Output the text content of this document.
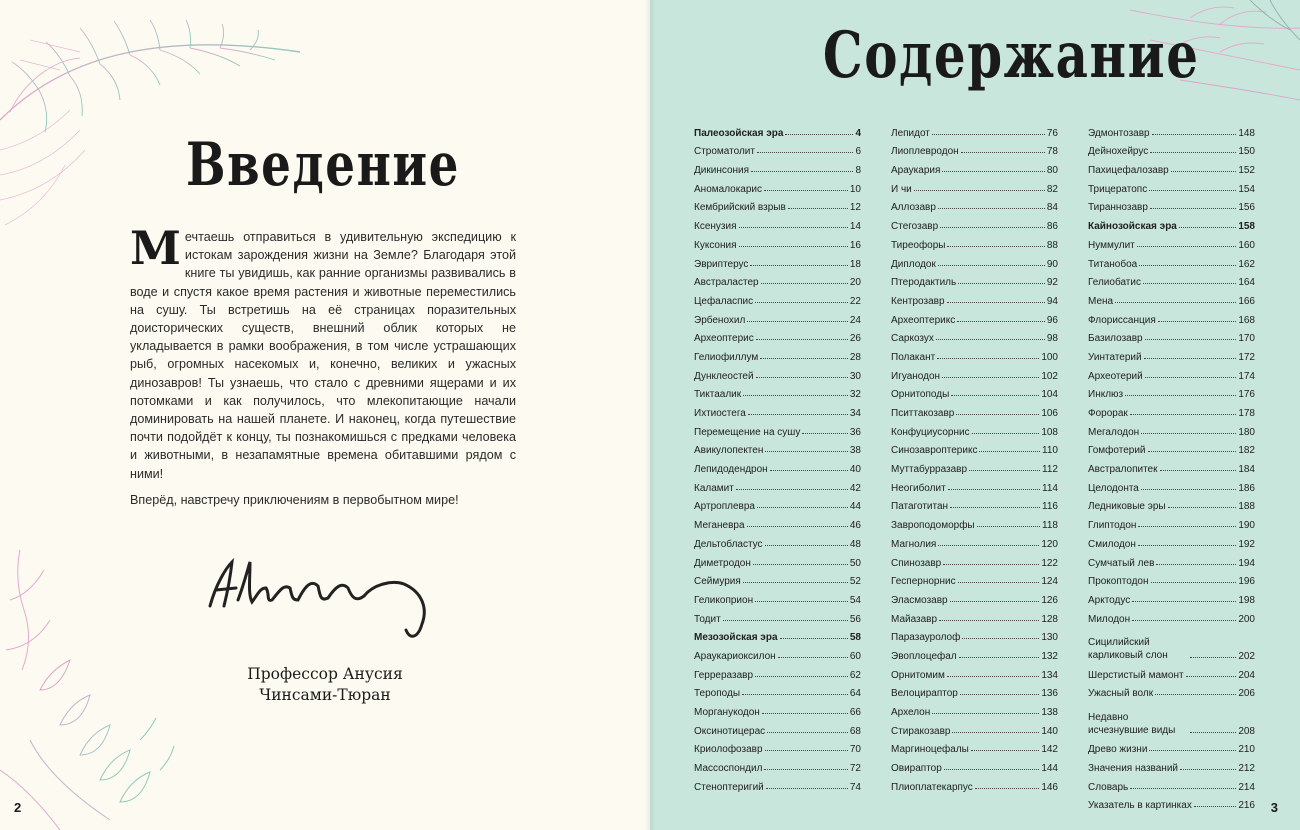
Введение

Мечтаешь отправиться в удивительную экспедицию к истокам зарождения жизни на Земле? Благодаря этой книге ты увидишь, как ранние организмы развивались в воде и спустя какое время растения и животные переместились на сушу. Ты встретишь на её страницах поразительных доисторических существ, внешний облик которых не укладывается в рамки воображения, в том числе устрашающих рыб, огромных насекомых и, конечно, великих и ужасных динозавров! Ты узнаешь, что стало с древними ящерами и их потомками и как получилось, что млекопитающие начали доминировать на нашей планете. И наконец, когда путешествие почти подойдёт к концу, ты познакомишься с предками человека и животными, в незапамятные времена обитавшими рядом с ними!

Вперёд, навстречу приключениям в первобытном мире!

Профессор Анусия
Чинсами-Тюран
2
Содержание
Палеозойская эра	4
Строматолит	6
Дикинсония	8
Аномалокарис	10
Кембрийский взрыв	12
Ксенузия	14
Куксония	16
Эвриптерус	18
Австраластер	20
Цефаласпис	22
Эрбенохил	24
Археоптерис	26
Гелиофиллум	28
Дунклеостей	30
Тиктаалик	32
Ихтиостега	34
Перемещение на сушу	36
Авикулопектен	38
Лепидодендрон	40
Каламит	42
Артроплевра	44
Меганевра	46
Дельтобластус	48
Диметродон	50
Сеймурия	52
Геликоприон	54
Тодит	56
Мезозойская эра	58
Араукариоксилон	60
Герреразавр	62
Тероподы	64
Морганукодон	66
Оксинотицерас	68
Криолофозавр	70
Массоспондил	72
Стеноптеригий	74
Лепидот	76
Лиоплевродон	78
Араукария	80
И чи	82
Аллозавр	84
Стегозавр	86
Тиреофоры	88
Диплодок	90
Птеродактиль	92
Кентрозавр	94
Археоптерикс	96
Саркозух	98
Полакант	100
Игуанодон	102
Орнитоподы	104
Пситтакозавр	106
Конфуциусорнис	108
Синозавроптерикс	110
Муттабурразавр	112
Неогиболит	114
Патаготитан	116
Завроподоморфы	118
Магнолия	120
Спинозавр	122
Геспернорнис	124
Эласмозавр	126
Майазавр	128
Паразауролоф	130
Эвоплоцефал	132
Орнитомим	134
Велоцираптор	136
Архелон	138
Стиракозавр	140
Маргиноцефалы	142
Овираптор	144
Плиоплатекарпус	146
Эдмонтозавр	148
Дейнохейрус	150
Пахицефалозавр	152
Трицератопс	154
Тираннозавр	156
Кайнозойская эра	158
Нуммулит	160
Титанобоа	162
Гелиобатис	164
Мена	166
Флориссанция	168
Базилозавр	170
Уинтатерий	172
Археотерий	174
Инклюз	176
Форорак	178
Мегалодон	180
Гомфотерий	182
Австралопитек	184
Целодонта	186
Ледниковые эры	188
Глиптодон	190
Смилодон	192
Сумчатый лев	194
Прокоптодон	196
Арктодус	198
Милодон	200
Сицилийский карликовый слон	202
Шерстистый мамонт	204
Ужасный волк	206
Недавно исчезнувшие виды	208
Древо жизни	210
Значения названий	212
Словарь	214
Указатель в картинках	216 3
